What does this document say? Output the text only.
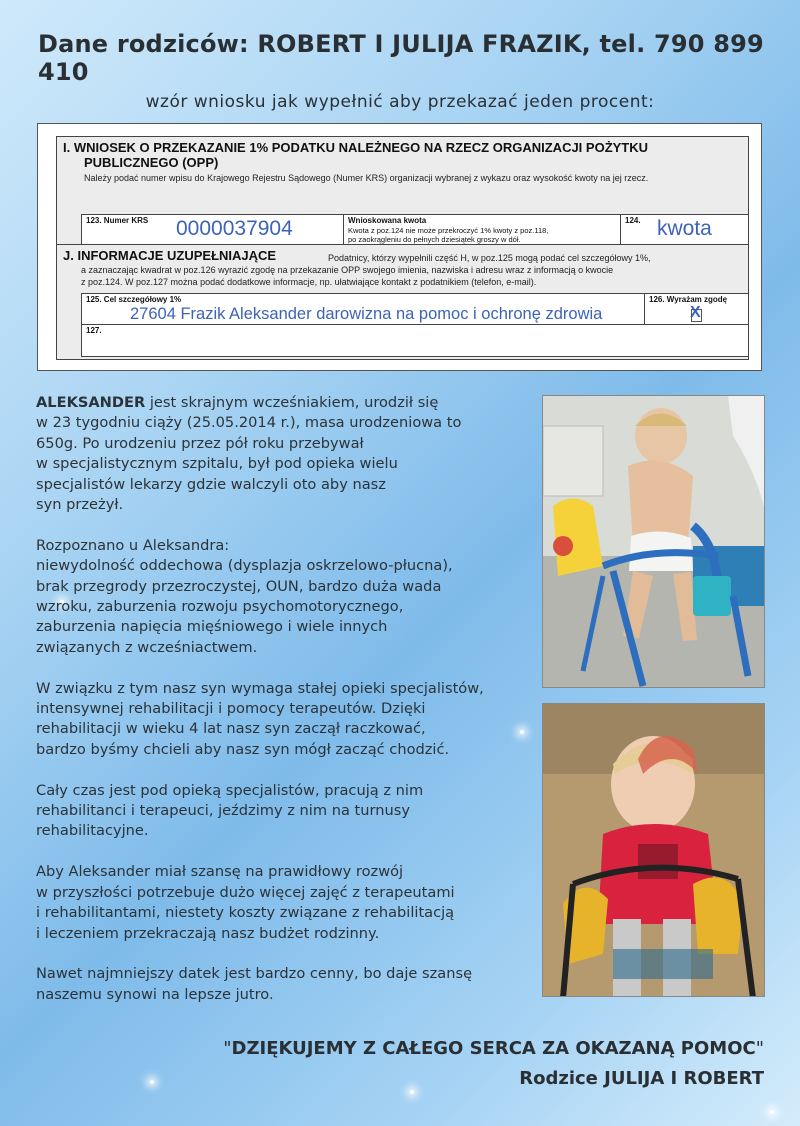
Dane rodziców: ROBERT I JULIJA FRAZIK, tel. 790 899 410
wzór wniosku jak wypełnić aby przekazać jeden procent:
I. WNIOSEK O PRZEKAZANIE 1% PODATKU NALEŻNEGO NA RZECZ ORGANIZACJI POŻYTKU
PUBLICZNEGO (OPP)
Należy podać numer wpisu do Krajowego Rejestru Sądowego (Numer KRS) organizacji wybranej z wykazu oraz wysokość kwoty na jej rzecz.
123. Numer KRS 0000037904	Wnioskowana kwota
Kwota z poz.124 nie może przekroczyć 1% kwoty z poz.118,
po zaokrągleniu do pełnych dziesiątek groszy w dół.
124. kwota
J. INFORMACJE UZUPEŁNIAJĄCE	Podatnicy, którzy wypełnili część H, w poz.125 mogą podać cel szczegółowy 1%,
a zaznaczając kwadrat w poz.126 wyrazić zgodę na przekazanie OPP swojego imienia, nazwiska i adresu wraz z informacją o kwocie
z poz.124. W poz.127 można podać dodatkowe informacje, np. ułatwiające kontakt z podatnikiem (telefon, e-mail).
125. Cel szczegółowy 1%
27604 Frazik Aleksander darowizna na pomoc i ochronę zdrowia
126. Wyrażam zgodę
X
127.

ALEKSANDER jest skrajnym wcześniakiem, urodził się
w 23 tygodniu ciąży (25.05.2014 r.), masa urodzeniowa to
650g. Po urodzeniu przez pół roku przebywał
w specjalistycznym szpitalu, był pod opieka wielu
specjalistów lekarzy gdzie walczyli oto aby nasz
syn przeżył.

Rozpoznano u Aleksandra:
niewydolność oddechowa (dysplazja oskrzelowo-płucna),
brak przegrody przezroczystej, OUN, bardzo duża wada
wzroku, zaburzenia rozwoju psychomotorycznego,
zaburzenia napięcia mięśniowego i wiele innych
związanych z wcześniactwem.

W związku z tym nasz syn wymaga stałej opieki specjalistów,
intensywnej rehabilitacji i pomocy terapeutów. Dzięki
rehabilitacji w wieku 4 lat nasz syn zaczął raczkować,
bardzo byśmy chcieli aby nasz syn mógł zacząć chodzić.

Cały czas jest pod opieką specjalistów, pracują z nim
rehabilitanci i terapeuci, jeździmy z nim na turnusy
rehabilitacyjne.

Aby Aleksander miał szansę na prawidłowy rozwój
w przyszłości potrzebuje dużo więcej zajęć z terapeutami
i rehabilitantami, niestety koszty związane z rehabilitacją
i leczeniem przekraczają nasz budżet rodzinny.

Nawet najmniejszy datek jest bardzo cenny, bo daje szansę
naszemu synowi na lepsze jutro.

"DZIĘKUJEMY Z CAŁEGO SERCA ZA OKAZANĄ POMOC"
Rodzice JULIJA I ROBERT
